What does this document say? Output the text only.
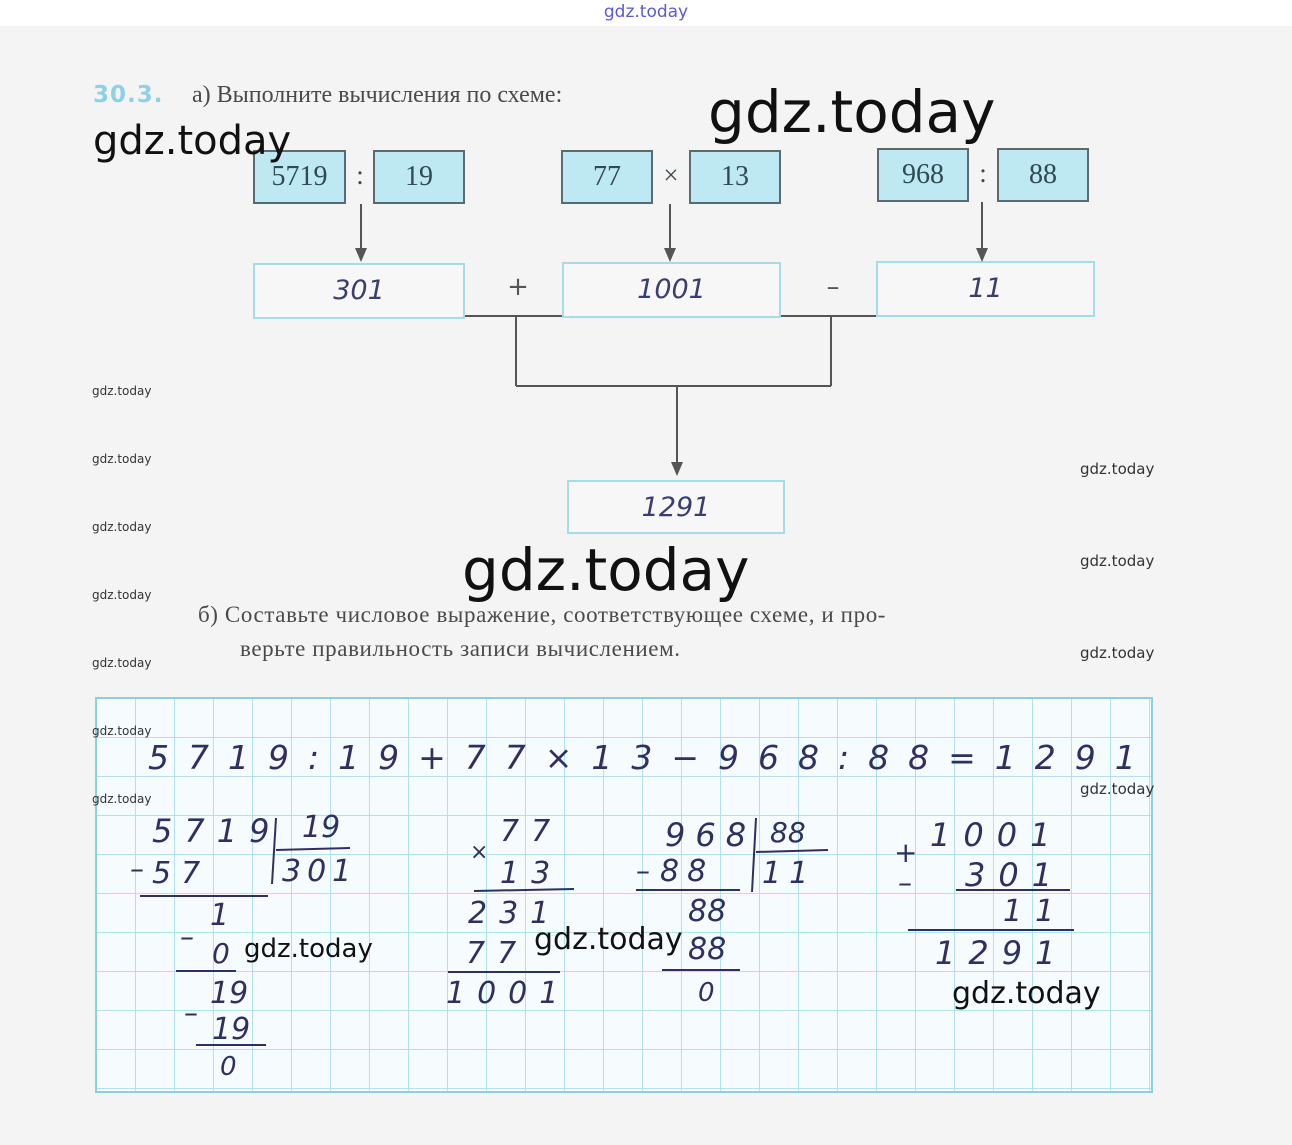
gdz.today
30.3. а) Выполните вычисления по схеме:
5719	:	19	77	×	13	968	:	88
301	+	1001	–	11
1291
б) Составьте числовое выражение, соответствующее схеме, и про-
верьте правильность записи вычислением.
5719:19+77×13−968:88=1291
5719 19
301
– 57
1
–
0
19
– 19
0
77
×
13
231
77
1001
968 88
11
– 88
88
88
0
+ 1001
– 301
11
1291
gdz.today	gdz.today
gdz.today
gdz.today
gdz.today
gdz.today
gdz.today
gdz.today
gdz.today
gdz.today
gdz.today
gdz.today
gdz.today
gdz.today
gdz.today	gdz.today
gdz.today
